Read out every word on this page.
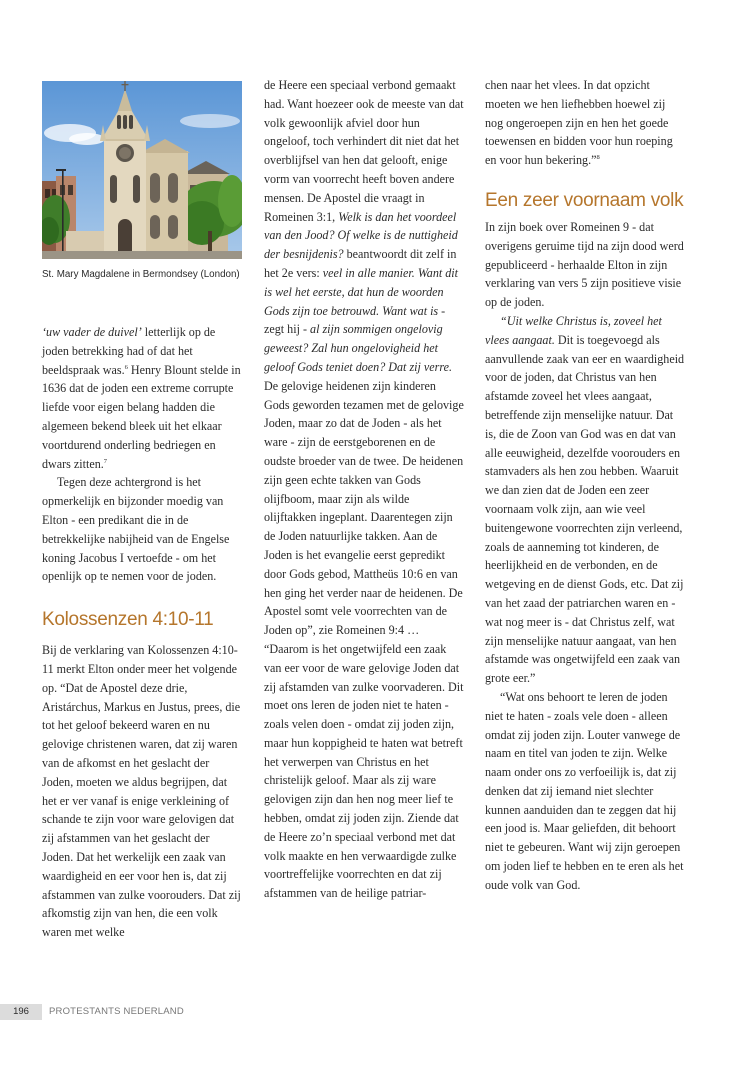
St. Mary Magdalene in Bermondsey (London)

‘uw vader de duivel’ letterlijk op de joden betrekking had of dat het beeldspraak was.$^6$ Henry Blount stelde in 1636 dat de joden een extreme corrupte liefde voor eigen belang hadden die algemeen bekend bleek uit het elkaar voortdurend onderling bedriegen en dwars zitten.$^7$

Tegen deze achtergrond is het opmerkelijk en bijzonder moedig van Elton - een predikant die in de betrekkelijke nabijheid van de Engelse koning Jacobus I vertoefde - om het openlijk op te nemen voor de joden.

Kolossenzen 4:10-11

Bij de verklaring van Kolossenzen 4:10-11 merkt Elton onder meer het volgende op. “Dat de Apostel deze drie, Aristárchus, Markus en Justus, prees, die tot het geloof bekeerd waren en nu gelovige christenen waren, dat zij waren van de afkomst en het geslacht der Joden, moeten we aldus begrijpen, dat het er ver vanaf is enige verkleining of schande te zijn voor ware gelovigen dat zij afstammen van het geslacht der Joden. Dat het werkelijk een zaak van waardigheid en eer voor hen is, dat zij afstammen van zulke voorouders. Dat zij afkomstig zijn van hen, die een volk waren met welke

de Heere een speciaal verbond gemaakt had. Want hoezeer ook de meeste van dat volk gewoonlijk afviel door hun ongeloof, toch verhindert dit niet dat het overblijfsel van hen dat gelooft, enige vorm van voorrecht heeft boven andere mensen. De Apostel die vraagt in Romeinen 3:1, Welk is dan het voordeel van den Jood? Of welke is de nuttigheid der besnijdenis? beantwoordt dit zelf in het 2e vers: veel in alle manier. Want dit is wel het eerste, dat hun de woorden Gods zijn toe betrouwd. Want wat is - zegt hij - al zijn sommigen ongelovig geweest? Zal hun ongelovigheid het geloof Gods teniet doen? Dat zij verre. De gelovige heidenen zijn kinderen Gods geworden tezamen met de gelovige Joden, maar zo dat de Joden - als het ware - zijn de eerstgeborenen en de oudste broeder van de twee. De heidenen zijn geen echte takken van Gods olijfboom, maar zijn als wilde olijftakken ingeplant. Daarentegen zijn de Joden natuurlijke takken. Aan de Joden is het evangelie eerst gepredikt door Gods gebod, Mattheüs 10:6 en van hen ging het verder naar de heidenen. De Apostel somt vele voorrechten van de Joden op”, zie Romeinen 9:4 … “Daarom is het ongetwijfeld een zaak van eer voor de ware gelovige Joden dat zij afstamden van zulke voorvaderen. Dit moet ons leren de joden niet te haten - zoals velen doen - omdat zij joden zijn, maar hun koppigheid te haten wat betreft het verwerpen van Christus en het christelijk geloof. Maar als zij ware gelovigen zijn dan hen nog meer lief te hebben, omdat zij joden zijn. Ziende dat de Heere zo’n speciaal verbond met dat volk maakte en hen verwaardigde zulke voortreffelijke voorrechten en dat zij afstammen van de heilige patriar-

chen naar het vlees. In dat opzicht moeten we hen liefhebben hoewel zij nog ongeroepen zijn en hen het goede toewensen en bidden voor hun roeping en voor hun bekering.”$^8$

Een zeer voornaam volk

In zijn boek over Romeinen 9 - dat overigens geruime tijd na zijn dood werd gepubliceerd - herhaalde Elton in zijn verklaring van vers 5 zijn positieve visie op de joden.

“Uit welke Christus is, zoveel het vlees aangaat. Dit is toegevoegd als aanvullende zaak van eer en waardigheid voor de joden, dat Christus van hen afstamde zoveel het vlees aangaat, betreffende zijn menselijke natuur. Dat is, die de Zoon van God was en dat van alle eeuwigheid, dezelfde voorouders en stamvaders als hen zou hebben. Waaruit we dan zien dat de Joden een zeer voornaam volk zijn, aan wie veel buitengewone voorrechten zijn verleend, zoals de aanneming tot kinderen, de heerlijkheid en de verbonden, en de wetgeving en de dienst Gods, etc. Dat zij van het zaad der patriarchen waren en - wat nog meer is - dat Christus zelf, wat zijn menselijke natuur aangaat, van hen afstamde was ongetwijfeld een zaak van grote eer.”

“Wat ons behoort te leren de joden niet te haten - zoals vele doen - alleen omdat zij joden zijn. Louter vanwege de naam en titel van joden te zijn. Welke naam onder ons zo verfoeilijk is, dat zij denken dat zij iemand niet slechter kunnen aanduiden dan te zeggen dat hij een jood is. Maar geliefden, dit behoort niet te gebeuren. Want wij zijn geroepen om joden lief te hebben en te eren als het oude volk van God.

196	PROTESTANTS NEDERLAND
